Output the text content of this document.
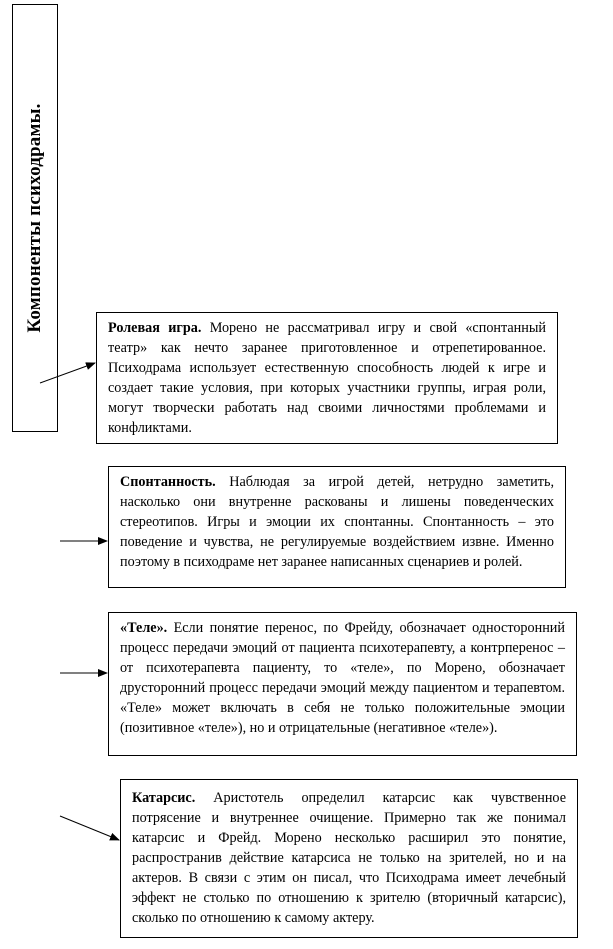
Компоненты психодрамы.	Ролевая игра. Морено не рассматривал игру и свой «спонтанный театр» как нечто заранее приготовленное и отрепетированное. Психодрама использует естественную способность людей к игре и создает такие условия, при которых участники группы, играя роли, могут творчески работать над своими личностями проблемами и конфликтами.
Спонтанность. Наблюдая за игрой детей, нетрудно заметить, насколько они внутренне раскованы и лишены поведенческих стереотипов. Игры и эмоции их спонтанны. Спонтанность – это поведение и чувства, не регулируемые воздействием извне. Именно поэтому в психодраме нет заранее написанных сценариев и ролей.
«Теле». Если понятие перенос, по Фрейду, обозначает односторонний процесс передачи эмоций от пациента психотерапевту, а контрперенос – от психотерапевта пациенту, то «теле», по Морено, обозначает друсторонний процесс передачи эмоций между пациентом и терапевтом. «Теле» может включать в себя не только положительные эмоции (позитивное «теле»), но и отрицательные (негативное «теле»).
Катарсис. Аристотель определил катарсис как чувственное потрясение и внутреннее очищение. Примерно так же понимал катарсис и Фрейд. Морено несколько расширил это понятие, распространив действие катарсиса не только на зрителей, но и на актеров. В связи с этим он писал, что Психодрама имеет лечебный эффект не столько по отношению к зрителю (вторичный катарсис), сколько по отношению к самому актеру.
